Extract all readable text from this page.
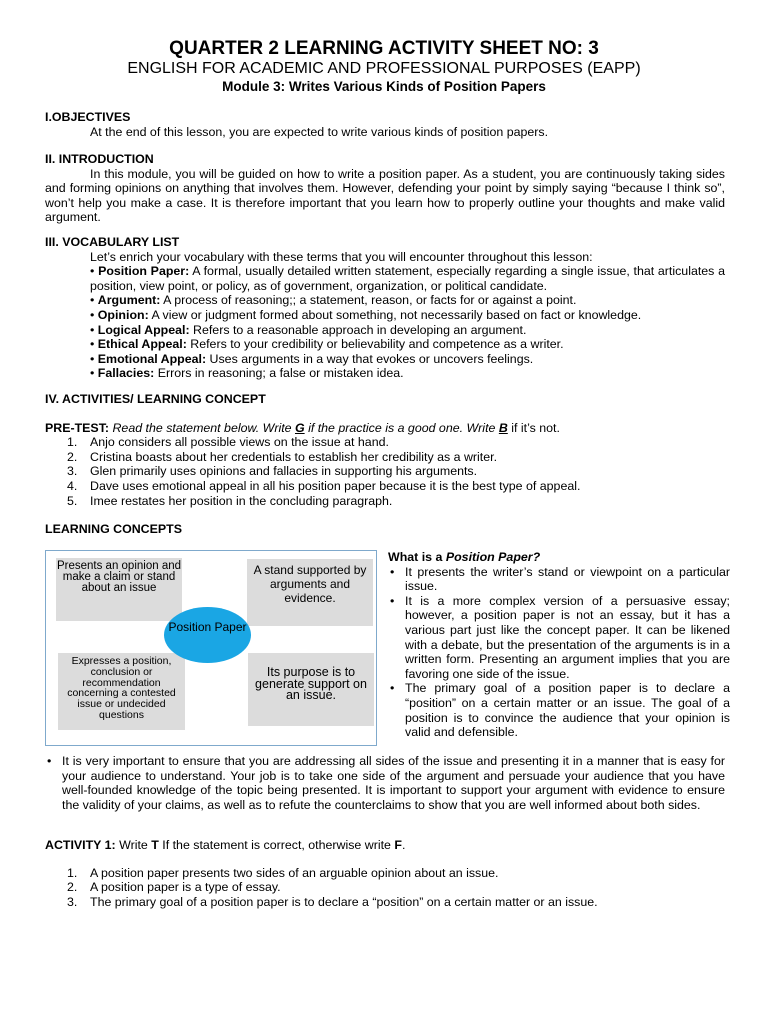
QUARTER 2 LEARNING ACTIVITY SHEET NO: 3
ENGLISH FOR ACADEMIC AND PROFESSIONAL PURPOSES (EAPP)
Module 3: Writes Various Kinds of Position Papers
I.OBJECTIVES
At the end of this lesson, you are expected to write various kinds of position papers.
II. INTRODUCTION
In this module, you will be guided on how to write a position paper. As a student, you are continuously taking sides and forming opinions on anything that involves them. However, defending your point by simply saying “because I think so”, won’t help you make a case. It is therefore important that you learn how to properly outline your thoughts and make valid argument.
III. VOCABULARY LIST
Let’s enrich your vocabulary with these terms that you will encounter throughout this lesson:
• Position Paper: A formal, usually detailed written statement, especially regarding a single issue, that articulates a position, view point, or policy, as of government, organization, or political candidate.
• Argument: A process of reasoning;; a statement, reason, or facts for or against a point.
• Opinion: A view or judgment formed about something, not necessarily based on fact or knowledge.
• Logical Appeal: Refers to a reasonable approach in developing an argument.
• Ethical Appeal: Refers to your credibility or believability and competence as a writer.
• Emotional Appeal: Uses arguments in a way that evokes or uncovers feelings.
• Fallacies: Errors in reasoning; a false or mistaken idea.
IV. ACTIVITIES/ LEARNING CONCEPT
PRE-TEST: Read the statement below. Write G if the practice is a good one. Write B if it’s not.
1. Anjo considers all possible views on the issue at hand.
2. Cristina boasts about her credentials to establish her credibility as a writer.
3. Glen primarily uses opinions and fallacies in supporting his arguments.
4. Dave uses emotional appeal in all his position paper because it is the best type of appeal.
5. Imee restates her position in the concluding paragraph.
LEARNING CONCEPTS
Presents an opinion and make a claim or stand about an issue
A stand supported by arguments and evidence.
Expresses a position, conclusion or recommendation concerning a contested issue or undecided questions
Its purpose is to generate support on an issue.
Position Paper
What is a Position Paper?
• It presents the writer’s stand or viewpoint on a particular issue.
• It is a more complex version of a persuasive essay; however, a position paper is not an essay, but it has a various part just like the concept paper. It can be likened with a debate, but the presentation of the arguments is in a written form. Presenting an argument implies that you are favoring one side of the issue.
• The primary goal of a position paper is to declare a “position” on a certain matter or an issue. The goal of a position is to convince the audience that your opinion is valid and defensible.
• It is very important to ensure that you are addressing all sides of the issue and presenting it in a manner that is easy for your audience to understand. Your job is to take one side of the argument and persuade your audience that you have well-founded knowledge of the topic being presented. It is important to support your argument with evidence to ensure the validity of your claims, as well as to refute the counterclaims to show that you are well informed about both sides.
ACTIVITY 1: Write T If the statement is correct, otherwise write F.
1. A position paper presents two sides of an arguable opinion about an issue.
2. A position paper is a type of essay.
3. The primary goal of a position paper is to declare a “position” on a certain matter or an issue.
